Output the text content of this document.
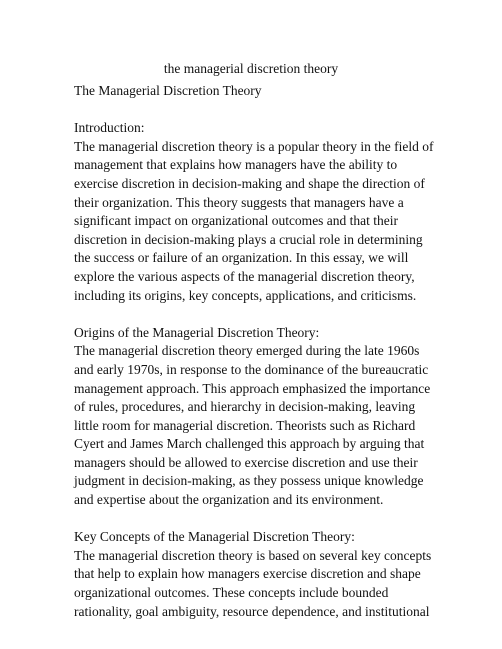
the managerial discretion theory
The Managerial Discretion Theory
Introduction:
The managerial discretion theory is a popular theory in the field of
management that explains how managers have the ability to
exercise discretion in decision-making and shape the direction of
their organization. This theory suggests that managers have a
significant impact on organizational outcomes and that their
discretion in decision-making plays a crucial role in determining
the success or failure of an organization. In this essay, we will
explore the various aspects of the managerial discretion theory,
including its origins, key concepts, applications, and criticisms.
Origins of the Managerial Discretion Theory:
The managerial discretion theory emerged during the late 1960s
and early 1970s, in response to the dominance of the bureaucratic
management approach. This approach emphasized the importance
of rules, procedures, and hierarchy in decision-making, leaving
little room for managerial discretion. Theorists such as Richard
Cyert and James March challenged this approach by arguing that
managers should be allowed to exercise discretion and use their
judgment in decision-making, as they possess unique knowledge
and expertise about the organization and its environment.
Key Concepts of the Managerial Discretion Theory:
The managerial discretion theory is based on several key concepts
that help to explain how managers exercise discretion and shape
organizational outcomes. These concepts include bounded
rationality, goal ambiguity, resource dependence, and institutional
